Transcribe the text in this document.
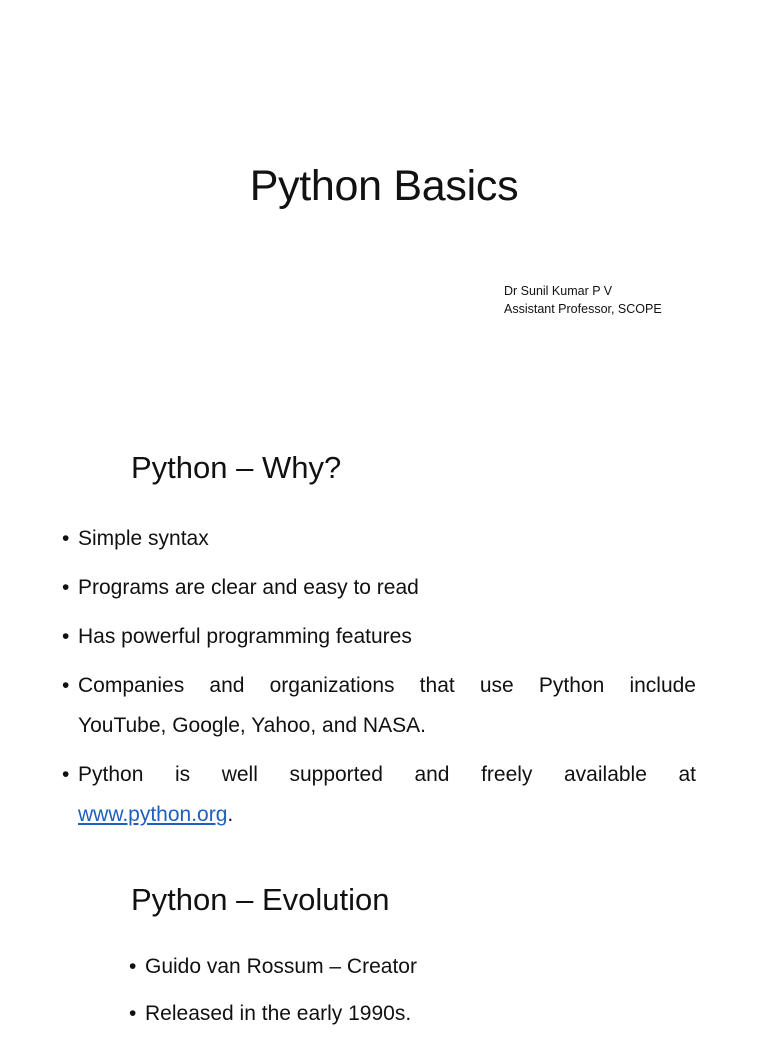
Python Basics
Dr Sunil Kumar P V
Assistant Professor, SCOPE
Python – Why?
• Simple syntax
• Programs are clear and easy to read
• Has powerful programming features
• Companies and organizations that use Python include
YouTube, Google, Yahoo, and NASA.
• Python is well supported and freely available at
www.python.org.
Python – Evolution
• Guido van Rossum – Creator
• Released in the early 1990s.
